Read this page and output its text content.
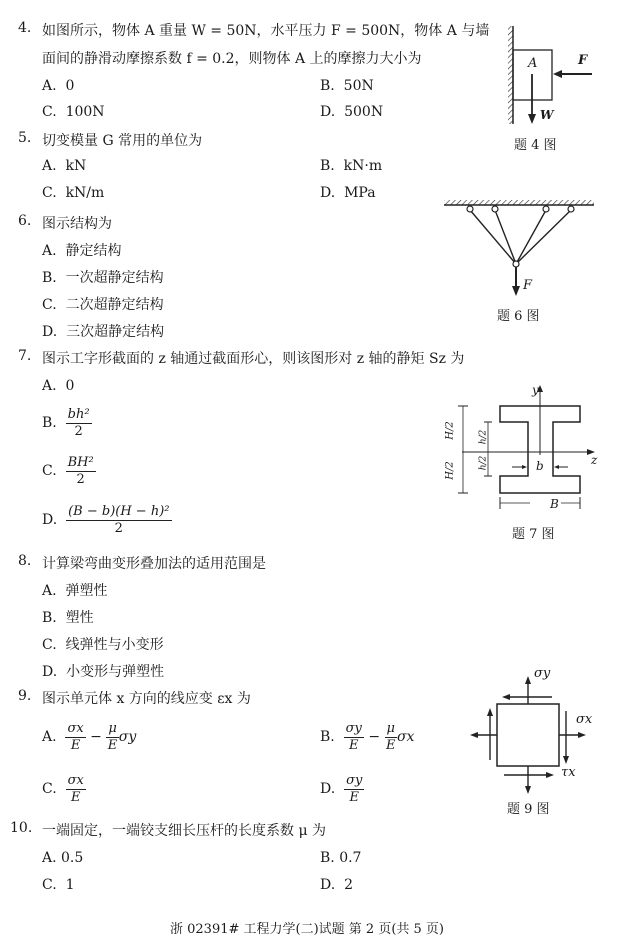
4. 如图所示，物体 A 重量 W = 50N，水平压力 F = 500N，物体 A 与墙
面间的静滑动摩擦系数 f = 0.2，则物体 A 上的摩擦力大小为
A. 0	B. 50N
C. 100N	D. 500N
A	F
W
题 4 图
5. 切变模量 G 常用的单位为
A. kN	B. kN·m
C. kN/m	D. MPa
6. 图示结构为
A. 静定结构
B. 一次超静定结构
C. 二次超静定结构
D. 三次超静定结构
F
题 6 图
7. 图示工字形截面的 z 轴通过截面形心，则该图形对 z 轴的静矩 Sz 为
A. 0
B. $\frac{\text{bh²}}{2}$
C. $\frac{\text{BH²}}{2}$
D. $\frac{\text{(B − b)(H − h)²}}{2}$
y
z
b
B
H/2
H/2
h/2
h/2
题 7 图
8. 计算梁弯曲变形叠加法的适用范围是
A. 弹塑性
B. 塑性
C. 线弹性与小变形
D. 小变形与弹塑性
9. 图示单元体 x 方向的线应变 εx 为
A. $\frac{\sigma x}{E} - \frac{\mu}{E}$ σy	B. $\frac{\sigma y}{E} - \frac{\mu}{E}$ σx
C. $\frac{\sigma x}{E}$	D. $\frac{\sigma y}{E}$
σy
σx
τx
题 9 图
10. 一端固定，一端铰支细长压杆的长度系数 μ 为
A. 0.5	B. 0.7
C. 1	D. 2
浙 02391# 工程力学(二)试题 第 2 页(共 5 页)
